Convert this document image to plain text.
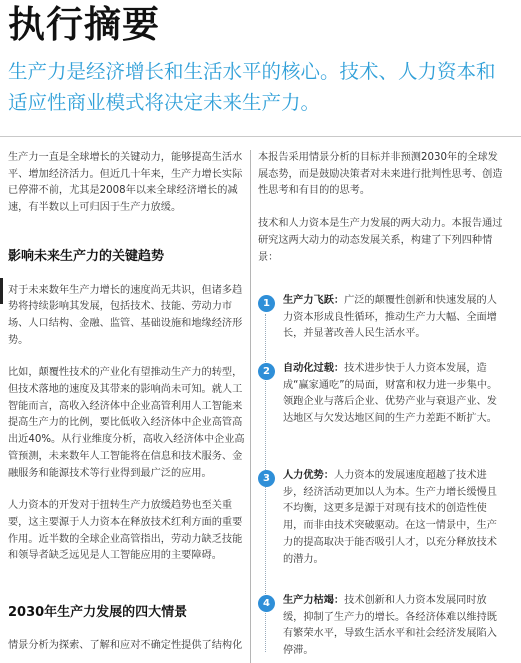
执行摘要
生产力是经济增长和生活水平的核心。技术、人力资本和适应性商业模式将决定未来生产力。

生产力一直是全球增长的关键动力，能够提高生活水平、增加经济活力。但近几十年来，生产力增长实际已停滞不前，尤其是2008年以来全球经济增长的减速，有半数以上可归因于生产力放缓。

影响未来生产力的关键趋势

对于未来数年生产力增长的速度尚无共识，但诸多趋势将持续影响其发展，包括技术、技能、劳动力市场、人口结构、金融、监管、基础设施和地缘经济形势。

比如，颠覆性技术的产业化有望推动生产力的转型，但技术落地的速度及其带来的影响尚未可知。就人工智能而言，高收入经济体中企业高管利用人工智能来提高生产力的比例，要比低收入经济体中企业高管高出近40%。从行业维度分析，高收入经济体中企业高管预测，未来数年人工智能将在信息和技术服务、金融服务和能源技术等行业得到最广泛的应用。

人力资本的开发对于扭转生产力放缓趋势也至关重要，这主要源于人力资本在释放技术红利方面的重要作用。近半数的全球企业高管指出，劳动力缺乏技能和领导者缺乏远见是人工智能应用的主要障碍。

2030年生产力发展的四大情景

情景分析为探索、了解和应对不确定性提供了结构化

本报告采用情景分析的目标并非预测2030年的全球发展态势，而是鼓励决策者对未来进行批判性思考、创造性思考和有目的的思考。

技术和人力资本是生产力发展的两大动力。本报告通过研究这两大动力的动态发展关系，构建了下列四种情景：

1	生产力飞跃：广泛的颠覆性创新和快速发展的人力资本形成良性循环，推动生产力大幅、全面增长，并显著改善人民生活水平。
2	自动化过载：技术进步快于人力资本发展，造成“赢家通吃”的局面，财富和权力进一步集中。领跑企业与落后企业、优势产业与衰退产业、发达地区与欠发达地区间的生产力差距不断扩大。
3	人力优势：人力资本的发展速度超越了技术进步，经济活动更加以人为本。生产力增长缓慢且不均衡，这更多是源于对现有技术的创造性使用，而非由技术突破驱动。在这一情景中，生产力的提高取决于能否吸引人才，以充分释放技术的潜力。
4	生产力枯竭：技术创新和人力资本发展同时放缓，抑制了生产力的增长。各经济体难以维持既有繁荣水平，导致生活水平和社会经济发展陷入停滞。
